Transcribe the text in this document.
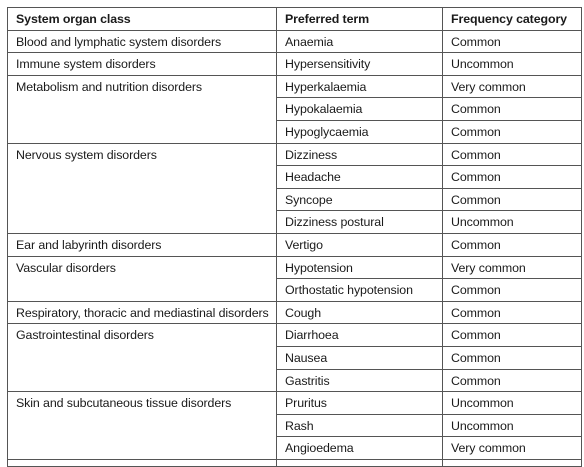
System organ class	Preferred term	Frequency category
Blood and lymphatic system disorders	Anaemia	Common
Immune system disorders	Hypersensitivity	Uncommon
Metabolism and nutrition disorders	Hyperkalaemia	Very common
	Hypokalaemia	Common
	Hypoglycaemia	Common
Nervous system disorders	Dizziness	Common
	Headache	Common
	Syncope	Common
	Dizziness postural	Uncommon
Ear and labyrinth disorders	Vertigo	Common
Vascular disorders	Hypotension	Very common
	Orthostatic hypotension	Common
Respiratory, thoracic and mediastinal disorders	Cough	Common
Gastrointestinal disorders	Diarrhoea	Common
	Nausea	Common
	Gastritis	Common
Skin and subcutaneous tissue disorders	Pruritus	Uncommon
	Rash	Uncommon
	Angioedema	Very common
